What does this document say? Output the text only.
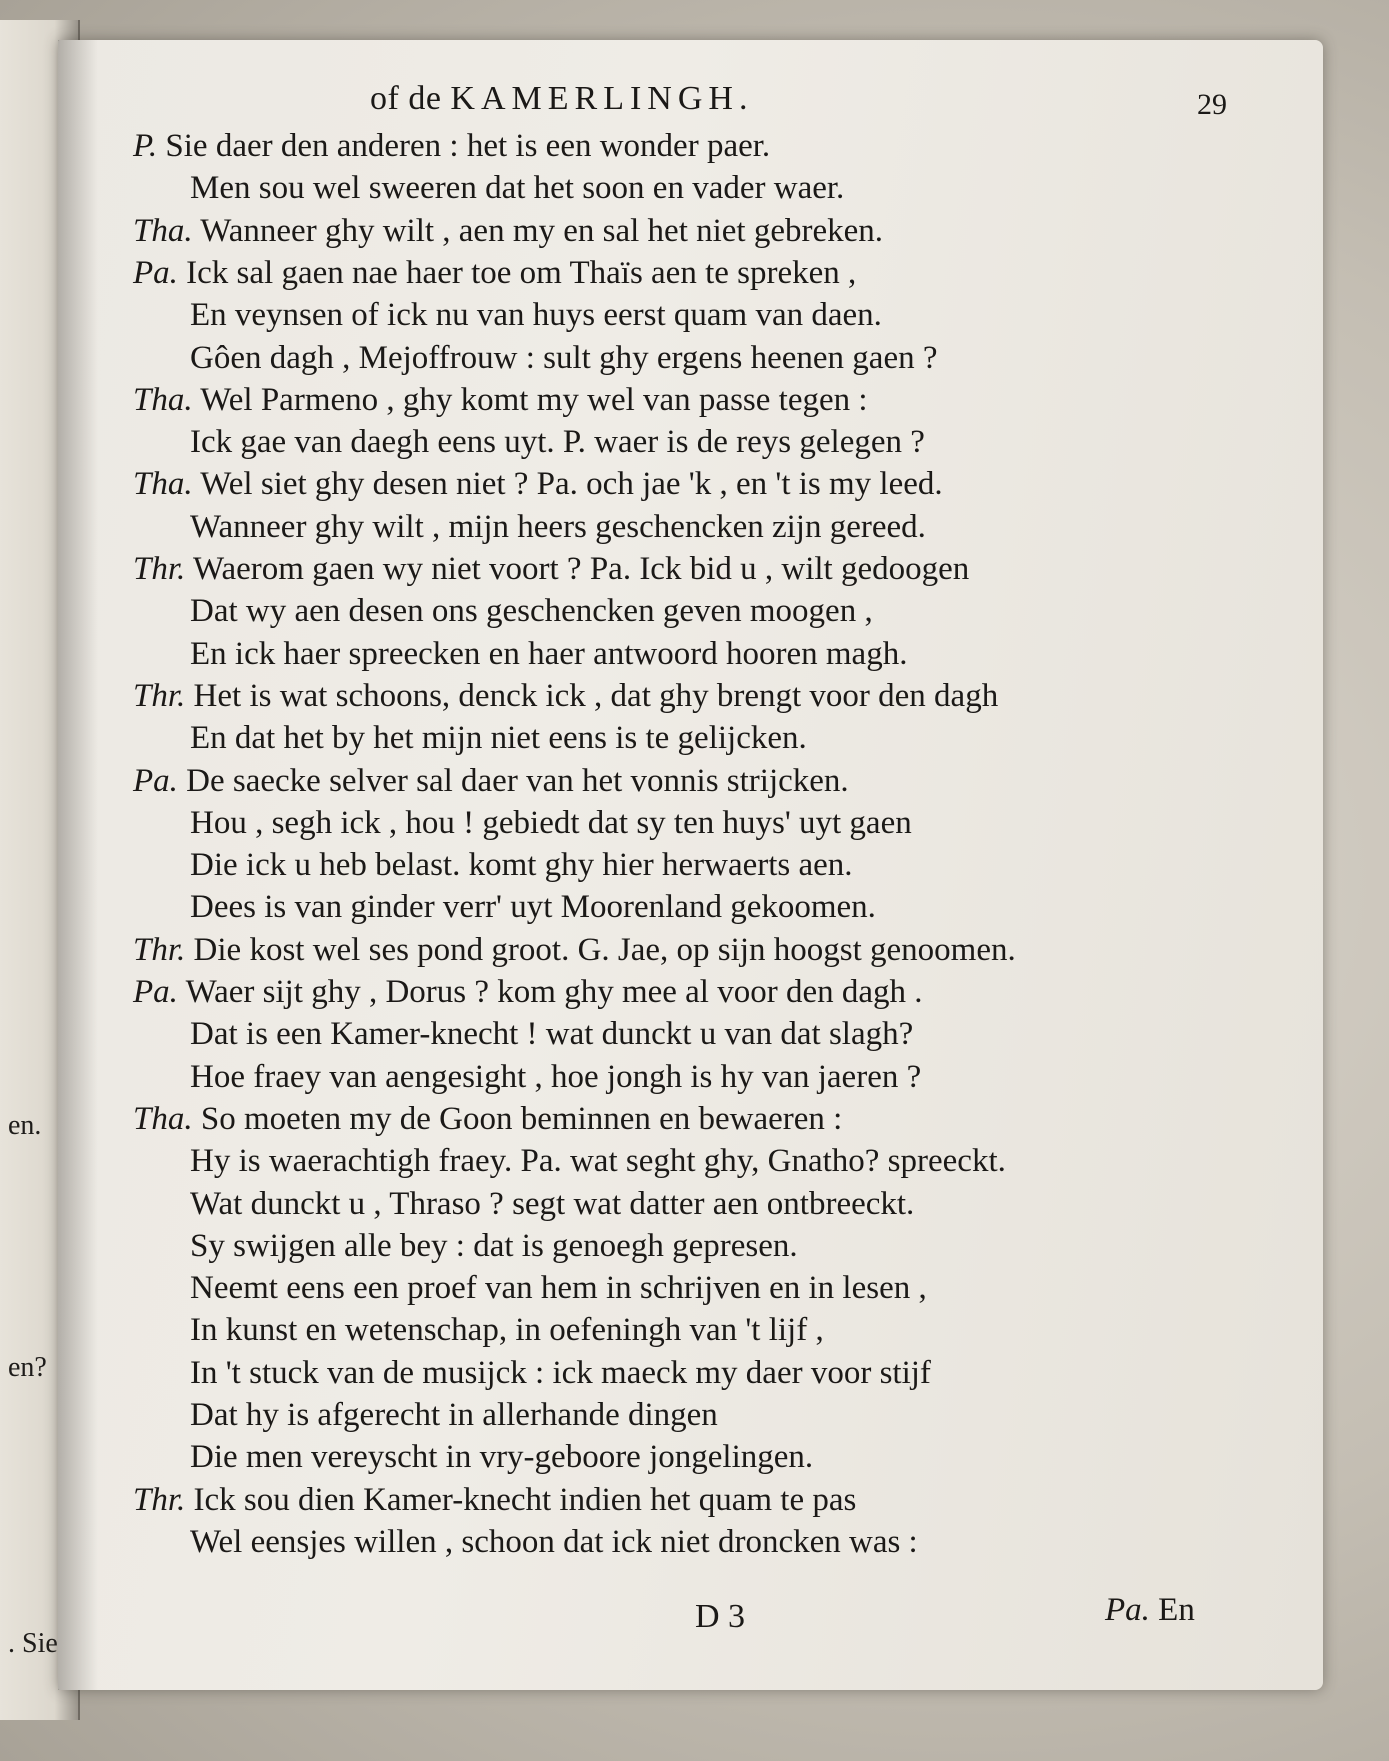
en.
en?
. Sie
of de KAMERLINGH.	29
P. Sie daer den anderen : het is een wonder paer.
Men sou wel sweeren dat het soon en vader waer.
Tha. Wanneer ghy wilt , aen my en sal het niet gebreken.
Pa. Ick sal gaen nae haer toe om Thaïs aen te spreken ,
En veynsen of ick nu van huys eerst quam van daen.
Gôen dagh , Mejoffrouw : sult ghy ergens heenen gaen ?
Tha. Wel Parmeno , ghy komt my wel van passe tegen :
Ick gae van daegh eens uyt. P. waer is de reys gelegen ?
Tha. Wel siet ghy desen niet ? Pa. och jae 'k , en 't is my leed.
Wanneer ghy wilt , mijn heers geschencken zijn gereed.
Thr. Waerom gaen wy niet voort ? Pa. Ick bid u , wilt gedoogen
Dat wy aen desen ons geschencken geven moogen ,
En ick haer spreecken en haer antwoord hooren magh.
Thr. Het is wat schoons, denck ick , dat ghy brengt voor den dagh
En dat het by het mijn niet eens is te gelijcken.
Pa. De saecke selver sal daer van het vonnis strijcken.
Hou , segh ick , hou ! gebiedt dat sy ten huys' uyt gaen
Die ick u heb belast. komt ghy hier herwaerts aen.
Dees is van ginder verr' uyt Moorenland gekoomen.
Thr. Die kost wel ses pond groot. G. Jae, op sijn hoogst genoomen.
Pa. Waer sijt ghy , Dorus ? kom ghy mee al voor den dagh .
Dat is een Kamer-knecht ! wat dunckt u van dat slagh?
Hoe fraey van aengesight , hoe jongh is hy van jaeren ?
Tha. So moeten my de Goon beminnen en bewaeren :
Hy is waerachtigh fraey. Pa. wat seght ghy, Gnatho? spreeckt.
Wat dunckt u , Thraso ? segt wat datter aen ontbreeckt.
Sy swijgen alle bey : dat is genoegh gepresen.
Neemt eens een proef van hem in schrijven en in lesen ,
In kunst en wetenschap, in oefeningh van 't lijf ,
In 't stuck van de musijck : ick maeck my daer voor stijf
Dat hy is afgerecht in allerhande dingen
Die men vereyscht in vry-geboore jongelingen.
Thr. Ick sou dien Kamer-knecht indien het quam te pas
Wel eensjes willen , schoon dat ick niet droncken was :
D 3	Pa. En
